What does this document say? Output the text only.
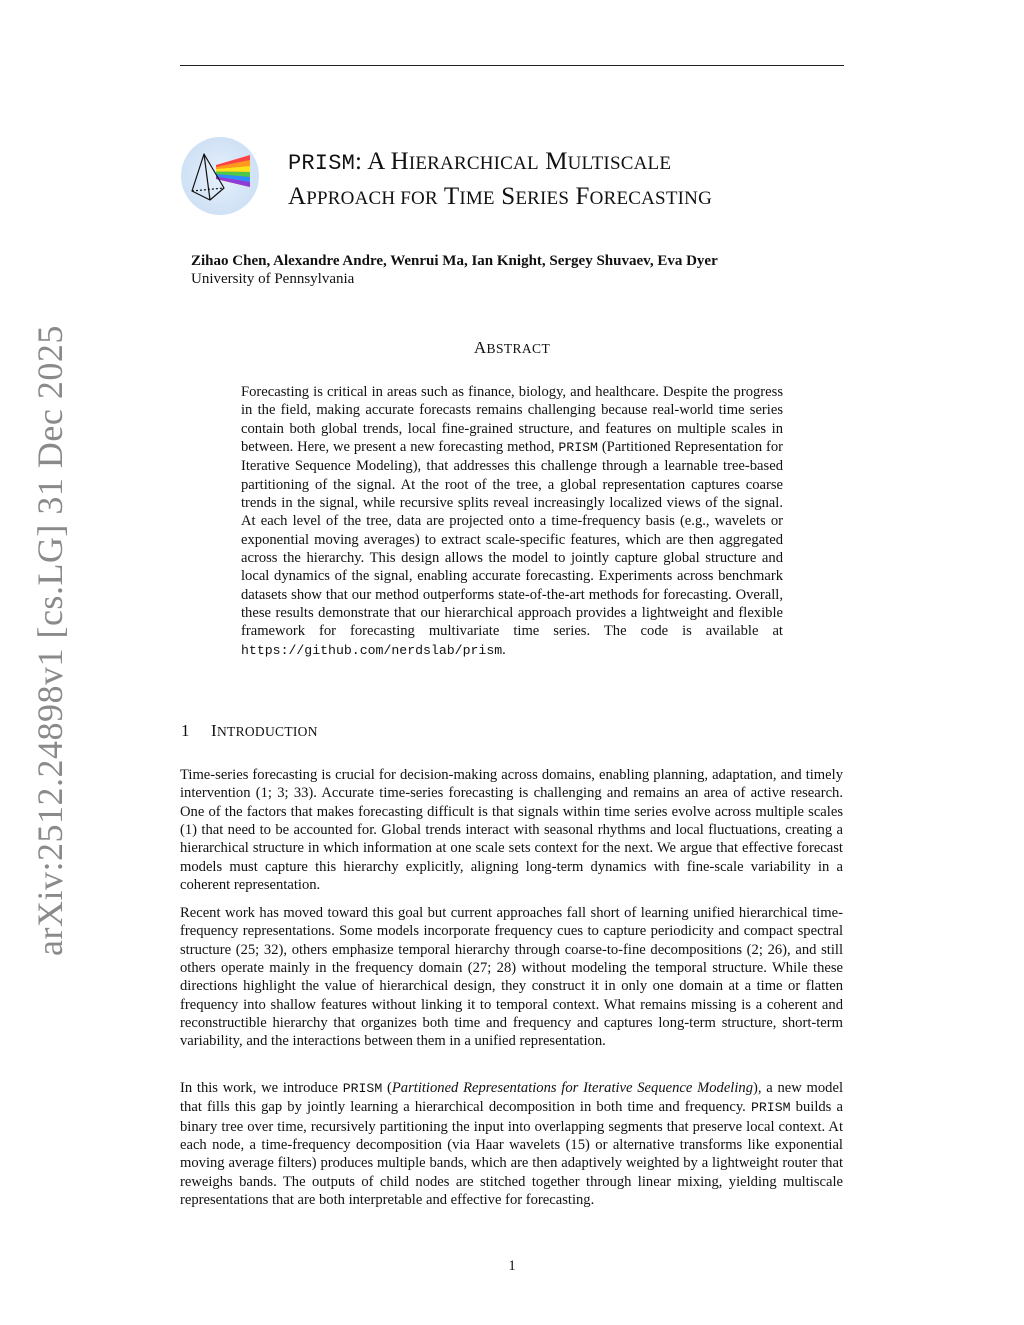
arXiv:2512.24898v1 [cs.LG] 31 Dec 2025
PRISM: A HIERARCHICAL MULTISCALE
APPROACH FOR TIME SERIES FORECASTING
Zihao Chen, Alexandre Andre, Wenrui Ma, Ian Knight, Sergey Shuvaev, Eva Dyer
University of Pennsylvania
ABSTRACT

Forecasting is critical in areas such as finance, biology, and healthcare. Despite the progress in the field, making accurate forecasts remains challenging because real-world time series contain both global trends, local fine-grained structure, and features on multiple scales in between. Here, we present a new forecasting method, PRISM (Partitioned Representation for Iterative Sequence Modeling), that addresses this challenge through a learnable tree-based partitioning of the signal. At the root of the tree, a global representation captures coarse trends in the signal, while recursive splits reveal increasingly localized views of the signal. At each level of the tree, data are projected onto a time-frequency basis (e.g., wavelets or exponential moving averages) to extract scale-specific features, which are then aggregated across the hierarchy. This design allows the model to jointly capture global structure and local dynamics of the signal, enabling accurate forecasting. Experiments across benchmark datasets show that our method outperforms state-of-the-art methods for forecasting. Overall, these results demonstrate that our hierarchical approach provides a lightweight and flexible framework for forecasting multivariate time series. The code is available at https://github.com/nerdslab/prism.

1 INTRODUCTION

Time-series forecasting is crucial for decision-making across domains, enabling planning, adaptation, and timely intervention (1; 3; 33). Accurate time-series forecasting is challenging and remains an area of active research. One of the factors that makes forecasting difficult is that signals within time series evolve across multiple scales (1) that need to be accounted for. Global trends interact with seasonal rhythms and local fluctuations, creating a hierarchical structure in which information at one scale sets context for the next. We argue that effective forecast models must capture this hierarchy explicitly, aligning long-term dynamics with fine-scale variability in a coherent representation.

Recent work has moved toward this goal but current approaches fall short of learning unified hierarchical time-frequency representations. Some models incorporate frequency cues to capture periodicity and compact spectral structure (25; 32), others emphasize temporal hierarchy through coarse-to-fine decompositions (2; 26), and still others operate mainly in the frequency domain (27; 28) without modeling the temporal structure. While these directions highlight the value of hierarchical design, they construct it in only one domain at a time or flatten frequency into shallow features without linking it to temporal context. What remains missing is a coherent and reconstructible hierarchy that organizes both time and frequency and captures long-term structure, short-term variability, and the interactions between them in a unified representation.

In this work, we introduce PRISM (Partitioned Representations for Iterative Sequence Modeling), a new model that fills this gap by jointly learning a hierarchical decomposition in both time and frequency. PRISM builds a binary tree over time, recursively partitioning the input into overlapping segments that preserve local context. At each node, a time-frequency decomposition (via Haar wavelets (15) or alternative transforms like exponential moving average filters) produces multiple bands, which are then adaptively weighted by a lightweight router that reweighs bands. The outputs of child nodes are stitched together through linear mixing, yielding multiscale representations that are both interpretable and effective for forecasting.

1
